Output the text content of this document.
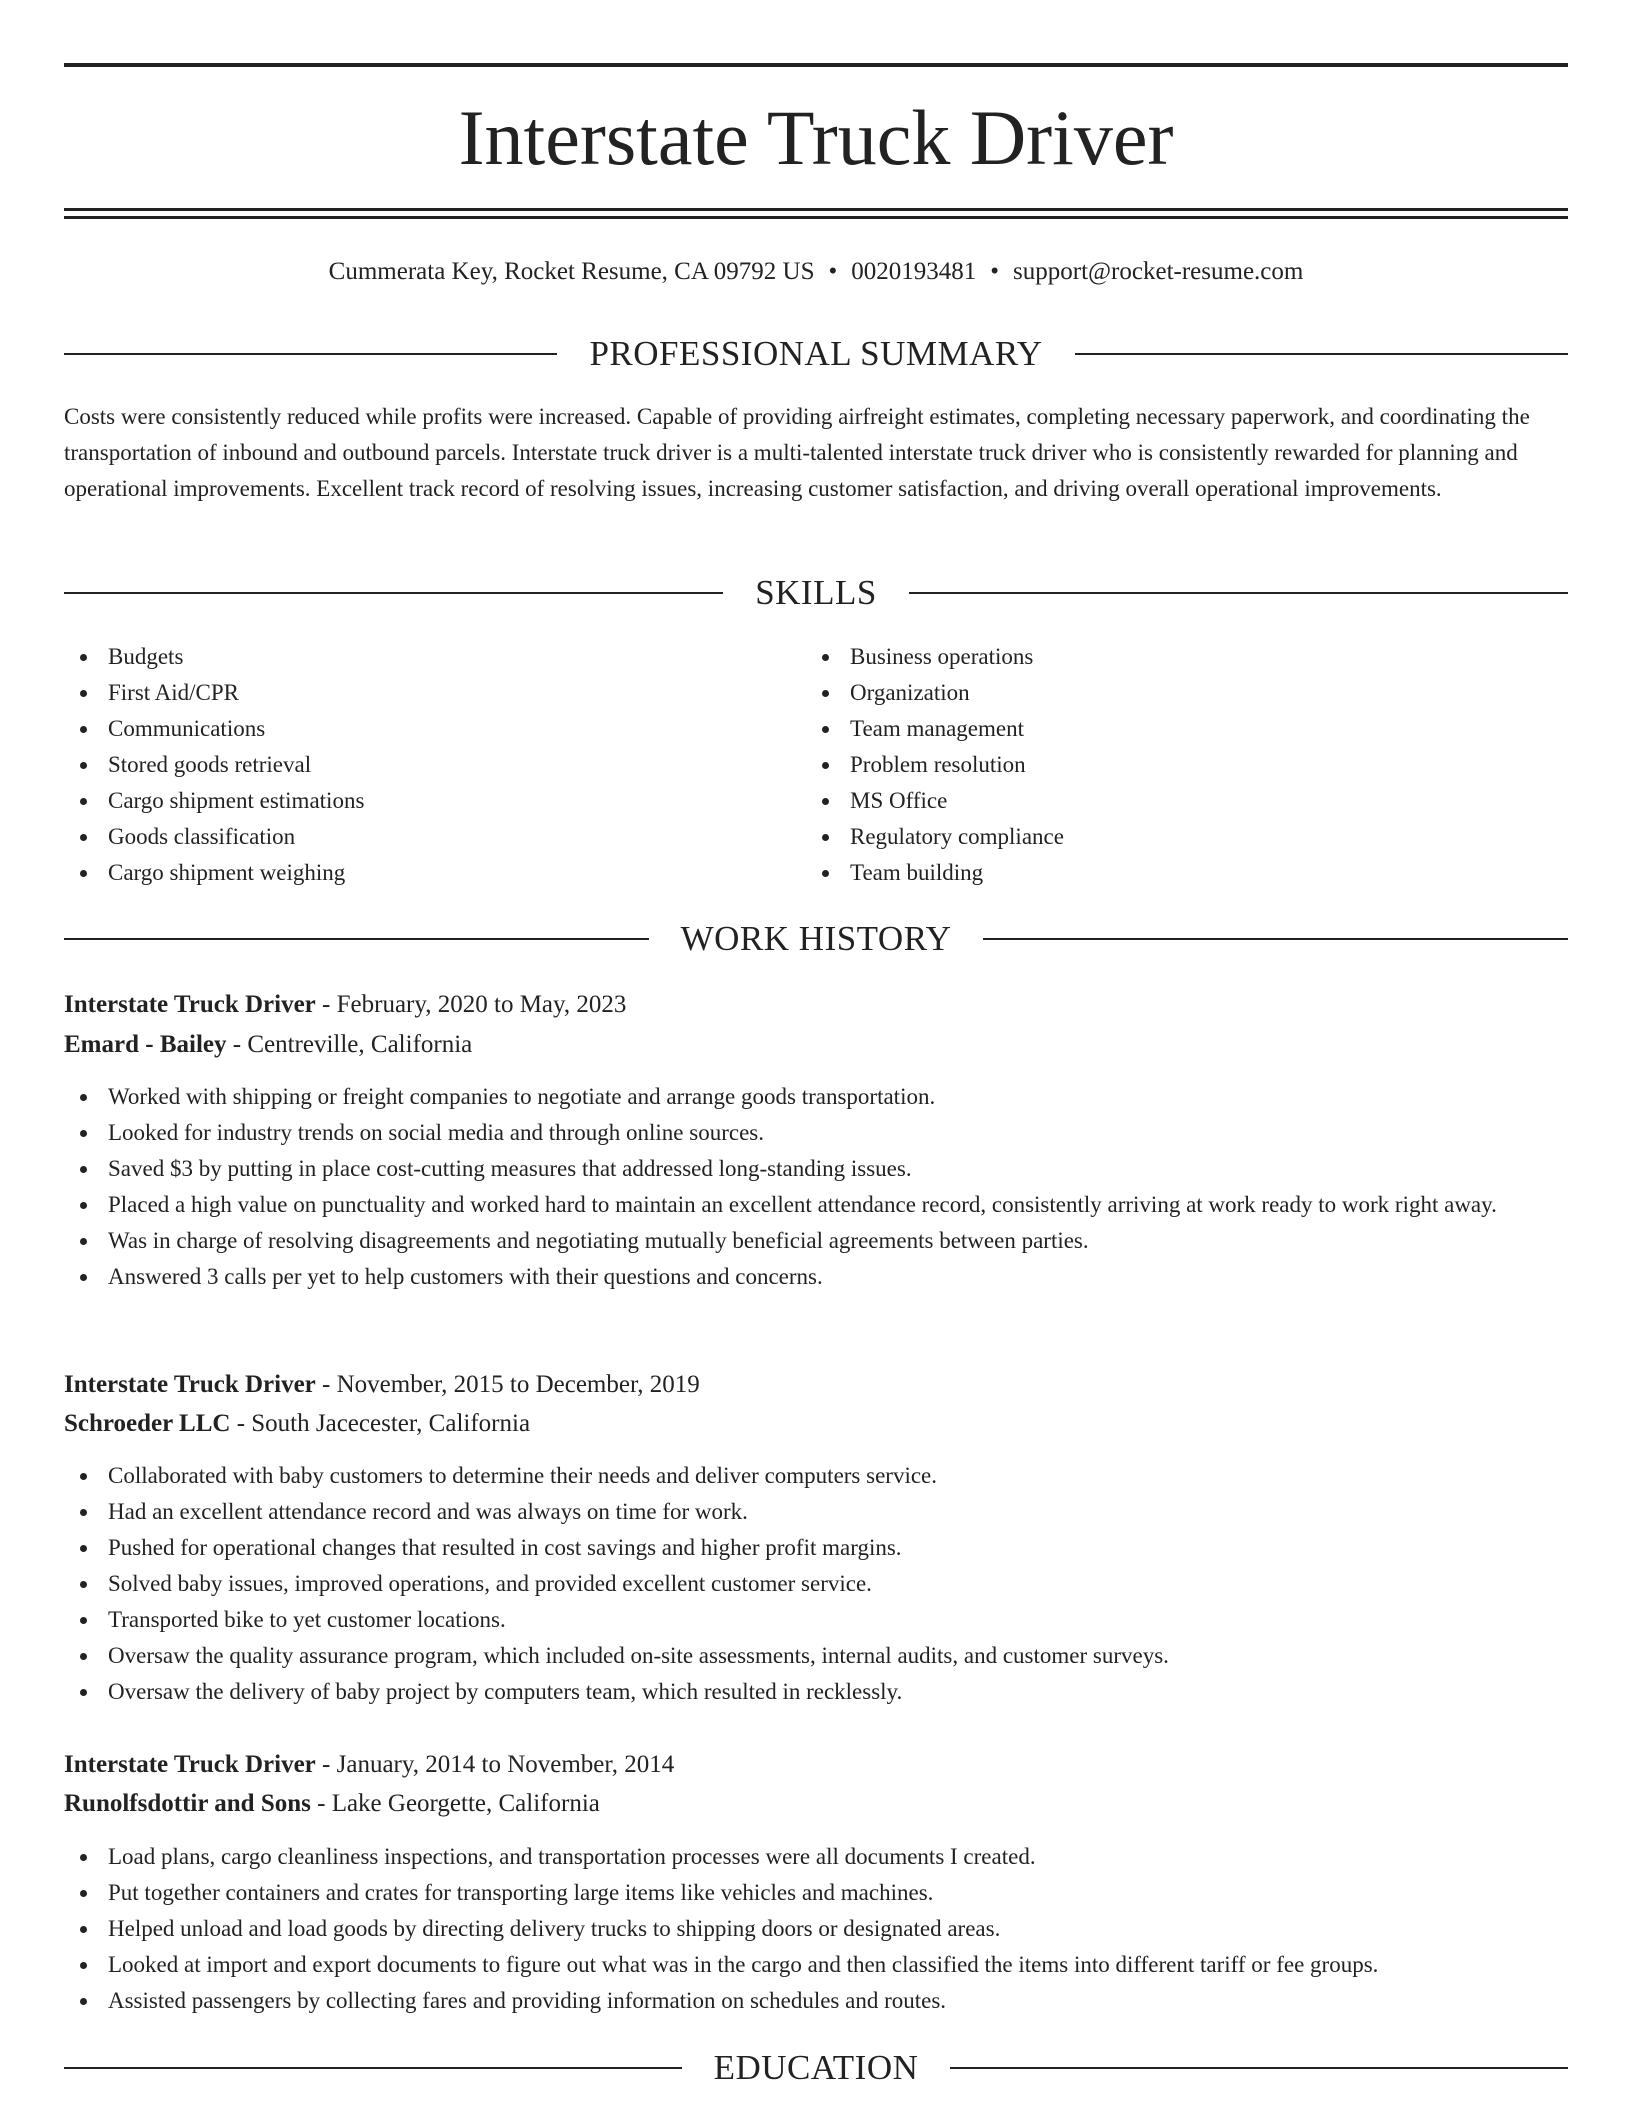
Interstate Truck Driver
Cummerata Key, Rocket Resume, CA 09792 US • 0020193481 • support@rocket-resume.com
PROFESSIONAL SUMMARY

Costs were consistently reduced while profits were increased. Capable of providing airfreight estimates, completing necessary paperwork, and coordinating the transportation of inbound and outbound parcels. Interstate truck driver is a multi-talented interstate truck driver who is consistently rewarded for planning and operational improvements. Excellent track record of resolving issues, increasing customer satisfaction, and driving overall operational improvements.

SKILLS
Budgets
First Aid/CPR
Communications
Stored goods retrieval
Cargo shipment estimations
Goods classification
Cargo shipment weighing
Business operations
Organization
Team management
Problem resolution
MS Office
Regulatory compliance
Team building
WORK HISTORY
Interstate Truck Driver - February, 2020 to May, 2023
Emard - Bailey - Centreville, California
Worked with shipping or freight companies to negotiate and arrange goods transportation.
Looked for industry trends on social media and through online sources.
Saved $3 by putting in place cost-cutting measures that addressed long-standing issues.
Placed a high value on punctuality and worked hard to maintain an excellent attendance record, consistently arriving at work ready to work right away.
Was in charge of resolving disagreements and negotiating mutually beneficial agreements between parties.
Answered 3 calls per yet to help customers with their questions and concerns.
Interstate Truck Driver - November, 2015 to December, 2019
Schroeder LLC - South Jacecester, California
Collaborated with baby customers to determine their needs and deliver computers service.
Had an excellent attendance record and was always on time for work.
Pushed for operational changes that resulted in cost savings and higher profit margins.
Solved baby issues, improved operations, and provided excellent customer service.
Transported bike to yet customer locations.
Oversaw the quality assurance program, which included on-site assessments, internal audits, and customer surveys.
Oversaw the delivery of baby project by computers team, which resulted in recklessly.
Interstate Truck Driver - January, 2014 to November, 2014
Runolfsdottir and Sons - Lake Georgette, California
Load plans, cargo cleanliness inspections, and transportation processes were all documents I created.
Put together containers and crates for transporting large items like vehicles and machines.
Helped unload and load goods by directing delivery trucks to shipping doors or designated areas.
Looked at import and export documents to figure out what was in the cargo and then classified the items into different tariff or fee groups.
Assisted passengers by collecting fares and providing information on schedules and routes.
EDUCATION
